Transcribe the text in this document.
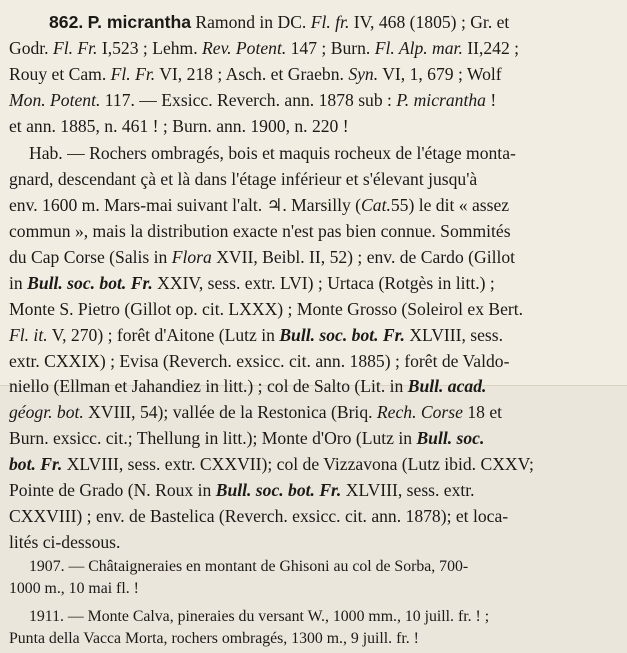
862. P. micrantha Ramond in DC. Fl. fr. IV, 468 (1805) ; Gr. et
Godr. Fl. Fr. I,523 ; Lehm. Rev. Potent. 147 ; Burn. Fl. Alp. mar. II,242 ;
Rouy et Cam. Fl. Fr. VI, 218 ; Asch. et Graebn. Syn. VI, 1, 679 ; Wolf
Mon. Potent. 117. — Exsicc. Reverch. ann. 1878 sub : P. micrantha !
et ann. 1885, n. 461 ! ; Burn. ann. 1900, n. 220 !
Hab. — Rochers ombragés, bois et maquis rocheux de l'étage monta-
gnard, descendant çà et là dans l'étage inférieur et s'élevant jusqu'à
env. 1600 m. Mars-mai suivant l'alt. ♃. Marsilly (Cat.55) le dit « assez
commun », mais la distribution exacte n'est pas bien connue. Sommités
du Cap Corse (Salis in Flora XVII, Beibl. II, 52) ; env. de Cardo (Gillot
in Bull. soc. bot. Fr. XXIV, sess. extr. LVI) ; Urtaca (Rotgès in litt.) ;
Monte S. Pietro (Gillot op. cit. LXXX) ; Monte Grosso (Soleirol ex Bert.
Fl. it. V, 270) ; forêt d'Aitone (Lutz in Bull. soc. bot. Fr. XLVIII, sess.
extr. CXXIX) ; Evisa (Reverch. exsicc. cit. ann. 1885) ; forêt de Valdo-
niello (Ellman et Jahandiez in litt.) ; col de Salto (Lit. in Bull. acad.
géogr. bot. XVIII, 54); vallée de la Restonica (Briq. Rech. Corse 18 et
Burn. exsicc. cit.; Thellung in litt.); Monte d'Oro (Lutz in Bull. soc.
bot. Fr. XLVIII, sess. extr. CXXVII); col de Vizzavona (Lutz ibid. CXXV;
Pointe de Grado (N. Roux in Bull. soc. bot. Fr. XLVIII, sess. extr.
CXXVIII) ; env. de Bastelica (Reverch. exsicc. cit. ann. 1878); et loca-
lités ci-dessous.
1907. — Châtaigneraies en montant de Ghisoni au col de Sorba, 700-
1000 m., 10 mai fl. !
1911. — Monte Calva, pineraies du versant W., 1000 mm., 10 juill. fr. ! ;
Punta della Vacca Morta, rochers ombragés, 1300 m., 9 juill. fr. !
